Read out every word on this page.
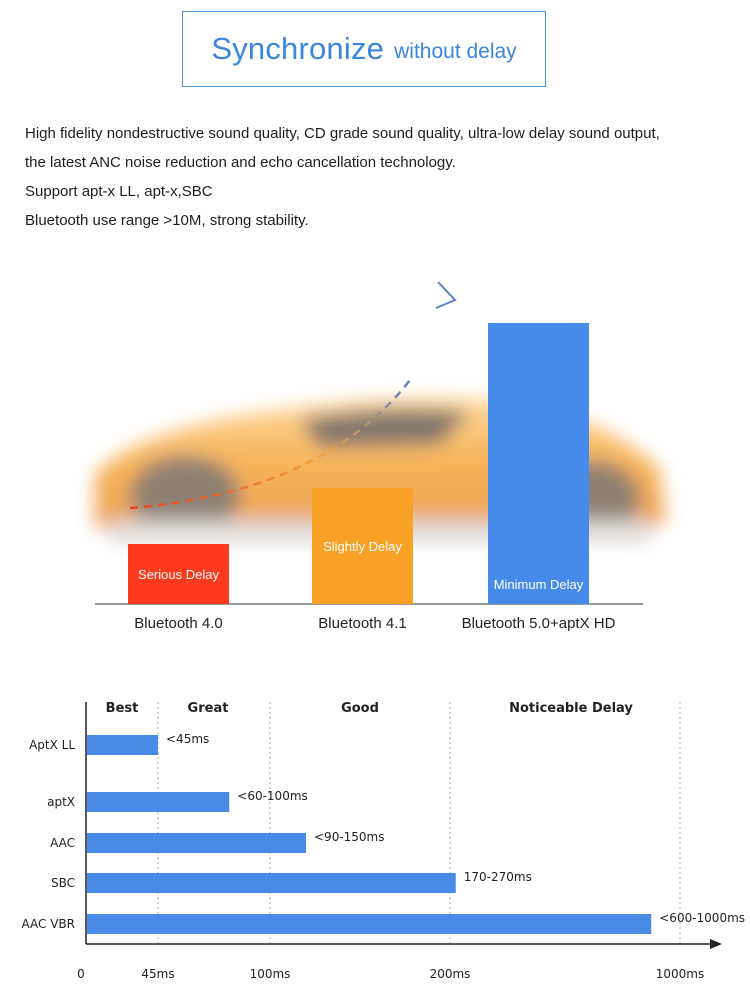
Synchronize without delay

High fidelity nondestructive sound quality, CD grade sound quality, ultra-low delay sound output,

the latest ANC noise reduction and echo cancellation technology.

Support apt-x LL, apt-x,SBC

Bluetooth use range >10M, strong stability.

Serious Delay
Slightly Delay
Minimum Delay
Bluetooth 4.0	Bluetooth 4.1	Bluetooth 5.0+aptX HD
Best	Great	Good	Noticeable Delay
0	45ms	100ms	200ms	1000ms
AptX LL	<45ms
aptX	<60-100ms
AAC	<90-150ms
SBC	170-270ms
AAC VBR	<600-1000ms
